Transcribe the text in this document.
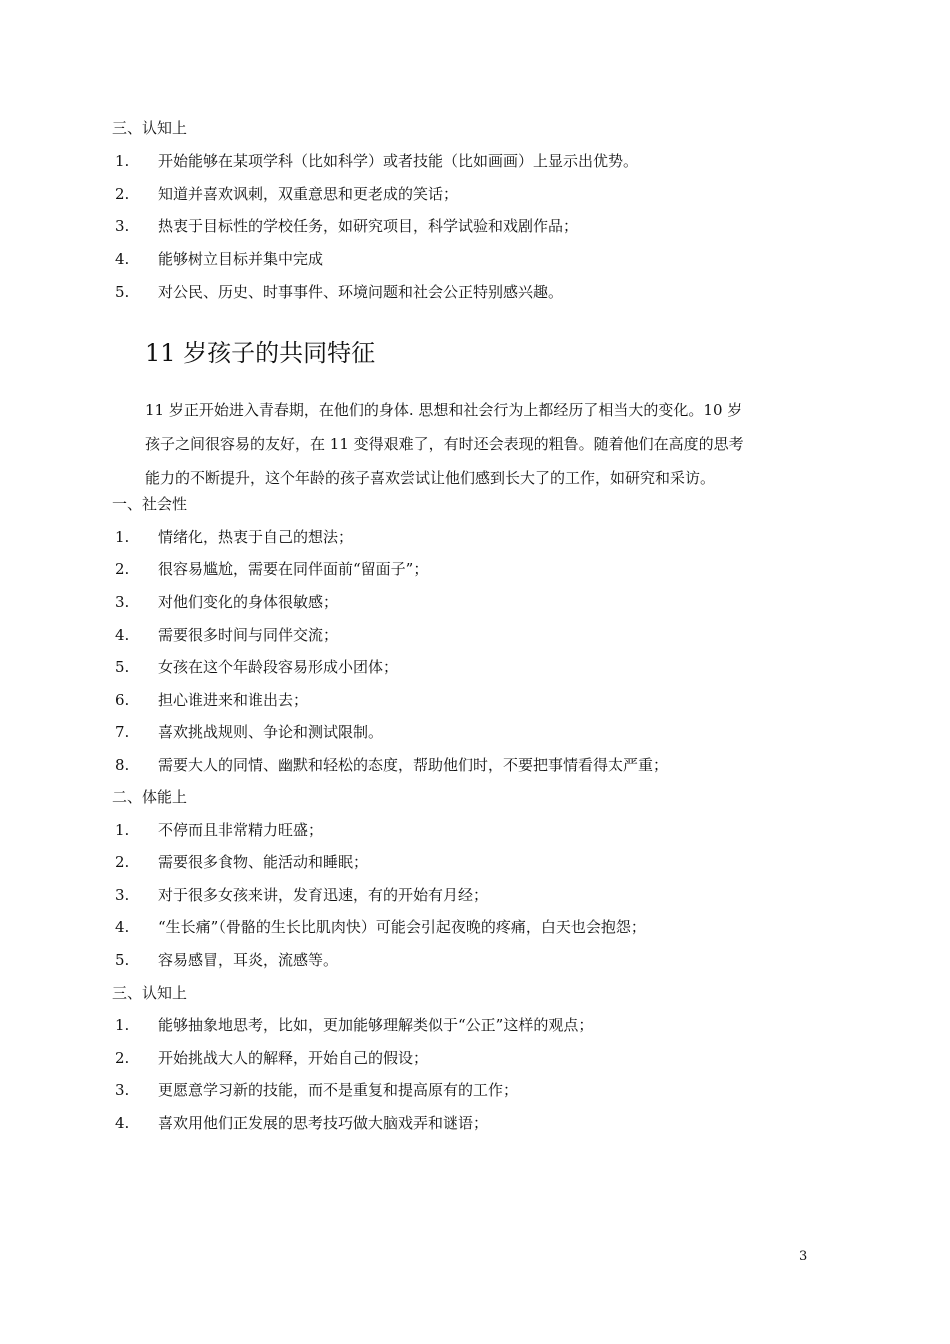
三、认知上
1. 开始能够在某项学科（比如科学）或者技能（比如画画）上显示出优势。
2. 知道并喜欢讽刺，双重意思和更老成的笑话；
3. 热衷于目标性的学校任务，如研究项目，科学试验和戏剧作品；
4. 能够树立目标并集中完成
5. 对公民、历史、时事事件、环境问题和社会公正特别感兴趣。
11 岁孩子的共同特征
11 岁正开始进入青春期，在他们的身体. 思想和社会行为上都经历了相当大的变化。10 岁
孩子之间很容易的友好，在 11 变得艰难了，有时还会表现的粗鲁。随着他们在高度的思考
能力的不断提升，这个年龄的孩子喜欢尝试让他们感到长大了的工作，如研究和采访。
一、社会性
1. 情绪化，热衷于自己的想法；
2. 很容易尴尬，需要在同伴面前“留面子”；
3. 对他们变化的身体很敏感；
4. 需要很多时间与同伴交流；
5. 女孩在这个年龄段容易形成小团体；
6. 担心谁进来和谁出去；
7. 喜欢挑战规则、争论和测试限制。
8. 需要大人的同情、幽默和轻松的态度，帮助他们时，不要把事情看得太严重；
二、体能上
1. 不停而且非常精力旺盛；
2. 需要很多食物、能活动和睡眠；
3. 对于很多女孩来讲，发育迅速，有的开始有月经；
4. “生长痛”（骨骼的生长比肌肉快）可能会引起夜晚的疼痛，白天也会抱怨；
5. 容易感冒，耳炎，流感等。
三、认知上
1. 能够抽象地思考，比如，更加能够理解类似于“公正”这样的观点；
2. 开始挑战大人的解释，开始自己的假设；
3. 更愿意学习新的技能，而不是重复和提高原有的工作；
4. 喜欢用他们正发展的思考技巧做大脑戏弄和谜语；
3
